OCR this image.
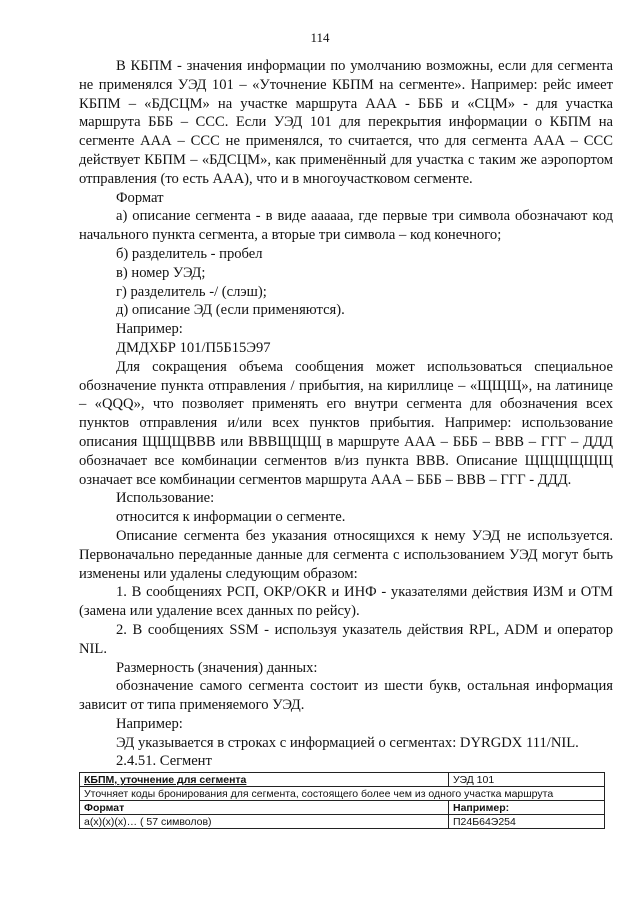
114

В КБПМ - значения информации по умолчанию возможны, если для сегмента не применялся УЭД 101 – «Уточнение КБПМ на сегменте». Например: рейс имеет КБПМ – «БДСЦМ» на участке маршрута ААА - БББ и «СЦМ» - для участка маршрута БББ – ССС. Если УЭД 101 для перекрытия информации о КБПМ на сегменте ААА – ССС не применялся, то считается, что для сегмента ААА – ССС действует КБПМ – «БДСЦМ», как применённый для участка с таким же аэропортом отправления (то есть ААА), что и в многоучастковом сегменте.

Формат

а) описание сегмента - в виде аааааа, где первые три символа обозначают код начального пункта сегмента, а вторые три символа – код конечного;

б) разделитель - пробел

в) номер УЭД;

г) разделитель -/ (слэш);

д) описание ЭД (если применяются).

Например:

ДМДХБР 101/П5Б15Э97

Для сокращения объема сообщения может использоваться специальное обозначение пункта отправления / прибытия, на кириллице – «ЩЩЩ», на латинице – «QQQ», что позволяет применять его внутри сегмента для обозначения всех пунктов отправления и/или всех пунктов прибытия. Например: использование описания ЩЩЩВВВ или ВВВЩЩЩ в маршруте ААА – БББ – ВВВ – ГГГ – ДДД обозначает все комбинации сегментов в/из пункта ВВВ. Описание ЩЩЩЩЩЩ означает все комбинации сегментов маршрута ААА – БББ – ВВВ – ГГГ - ДДД.

Использование:

относится к информации о сегменте.

Описание сегмента без указания относящихся к нему УЭД не используется. Первоначально переданные данные для сегмента с использованием УЭД могут быть изменены или удалены следующим образом:

1. В сообщениях РСП, ОКР/OKR и ИНФ - указателями действия ИЗМ и ОТМ (замена или удаление всех данных по рейсу).

2. В сообщениях SSM - используя указатель действия RPL, ADM и оператор NIL.

Размерность (значения) данных:

обозначение самого сегмента состоит из шести букв, остальная информация зависит от типа применяемого УЭД.

Например:

ЭД указывается в строках с информацией о сегментах: DYRGDX 111/NIL.

2.4.51. Сегмент

КБПМ, уточнение для сегмента	УЭД 101
Уточняет коды бронирования для сегмента, состоящего более чем из одного участка маршрута	
Формат	Например:
а(х)(х)(х)… ( 57 символов)	П24Б64Э254
